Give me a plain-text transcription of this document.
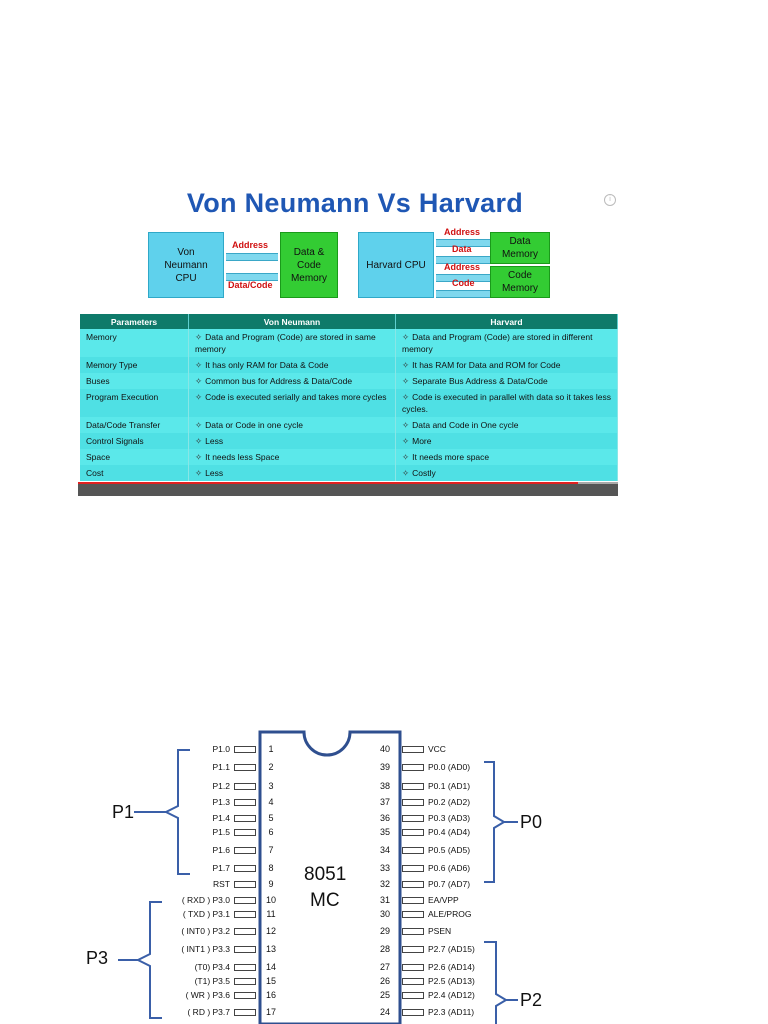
Von Neumann Vs Harvard	i
Von Neumann CPU
Address
Data/Code
Data & Code Memory
Harvard CPU
Address
Data
Address
Code
Data Memory
Code Memory
Parameters	Von Neumann	Harvard
Memory	✧ Data and Program (Code) are stored in same memory	✧ Data and Program (Code) are stored in different memory
Memory Type	✧ It has only RAM for Data & Code	✧ It has RAM for Data and ROM for Code
Buses	✧ Common bus for Address & Data/Code	✧ Separate Bus Address & Data/Code
Program Execution	✧ Code is executed serially and takes more cycles	✧ Code is executed in parallel with data so it takes less cycles.
Data/Code Transfer	✧ Data or Code in one cycle	✧ Data and Code in One cycle
Control Signals	✧ Less	✧ More
Space	✧ It needs less Space	✧ It needs more space
Cost	✧ Less	✧ Costly
P1	P0
P3
P2
8051
MC
P1.0	1
P1.1	2
P1.2	3
P1.3	4
P1.4	5
P1.5	6
P1.6	7
P1.7	8
RST	9
( RXD ) P3.0	10
( TXD ) P3.1	11
( INT0 ) P3.2	12
( INT1 ) P3.3	13
(T0) P3.4	14
(T1) P3.5	15
( WR ) P3.6	16
( RD ) P3.7	17
40	VCC
39	P0.0 (AD0)
38	P0.1 (AD1)
37	P0.2 (AD2)
36	P0.3 (AD3)
35	P0.4 (AD4)
34	P0.5 (AD5)
33	P0.6 (AD6)
32	P0.7 (AD7)
31	EA/VPP
30	ALE/PROG
29	PSEN
28	P2.7 (AD15)
27	P2.6 (AD14)
26	P2.5 (AD13)
25	P2.4 (AD12)
24	P2.3 (AD11)
